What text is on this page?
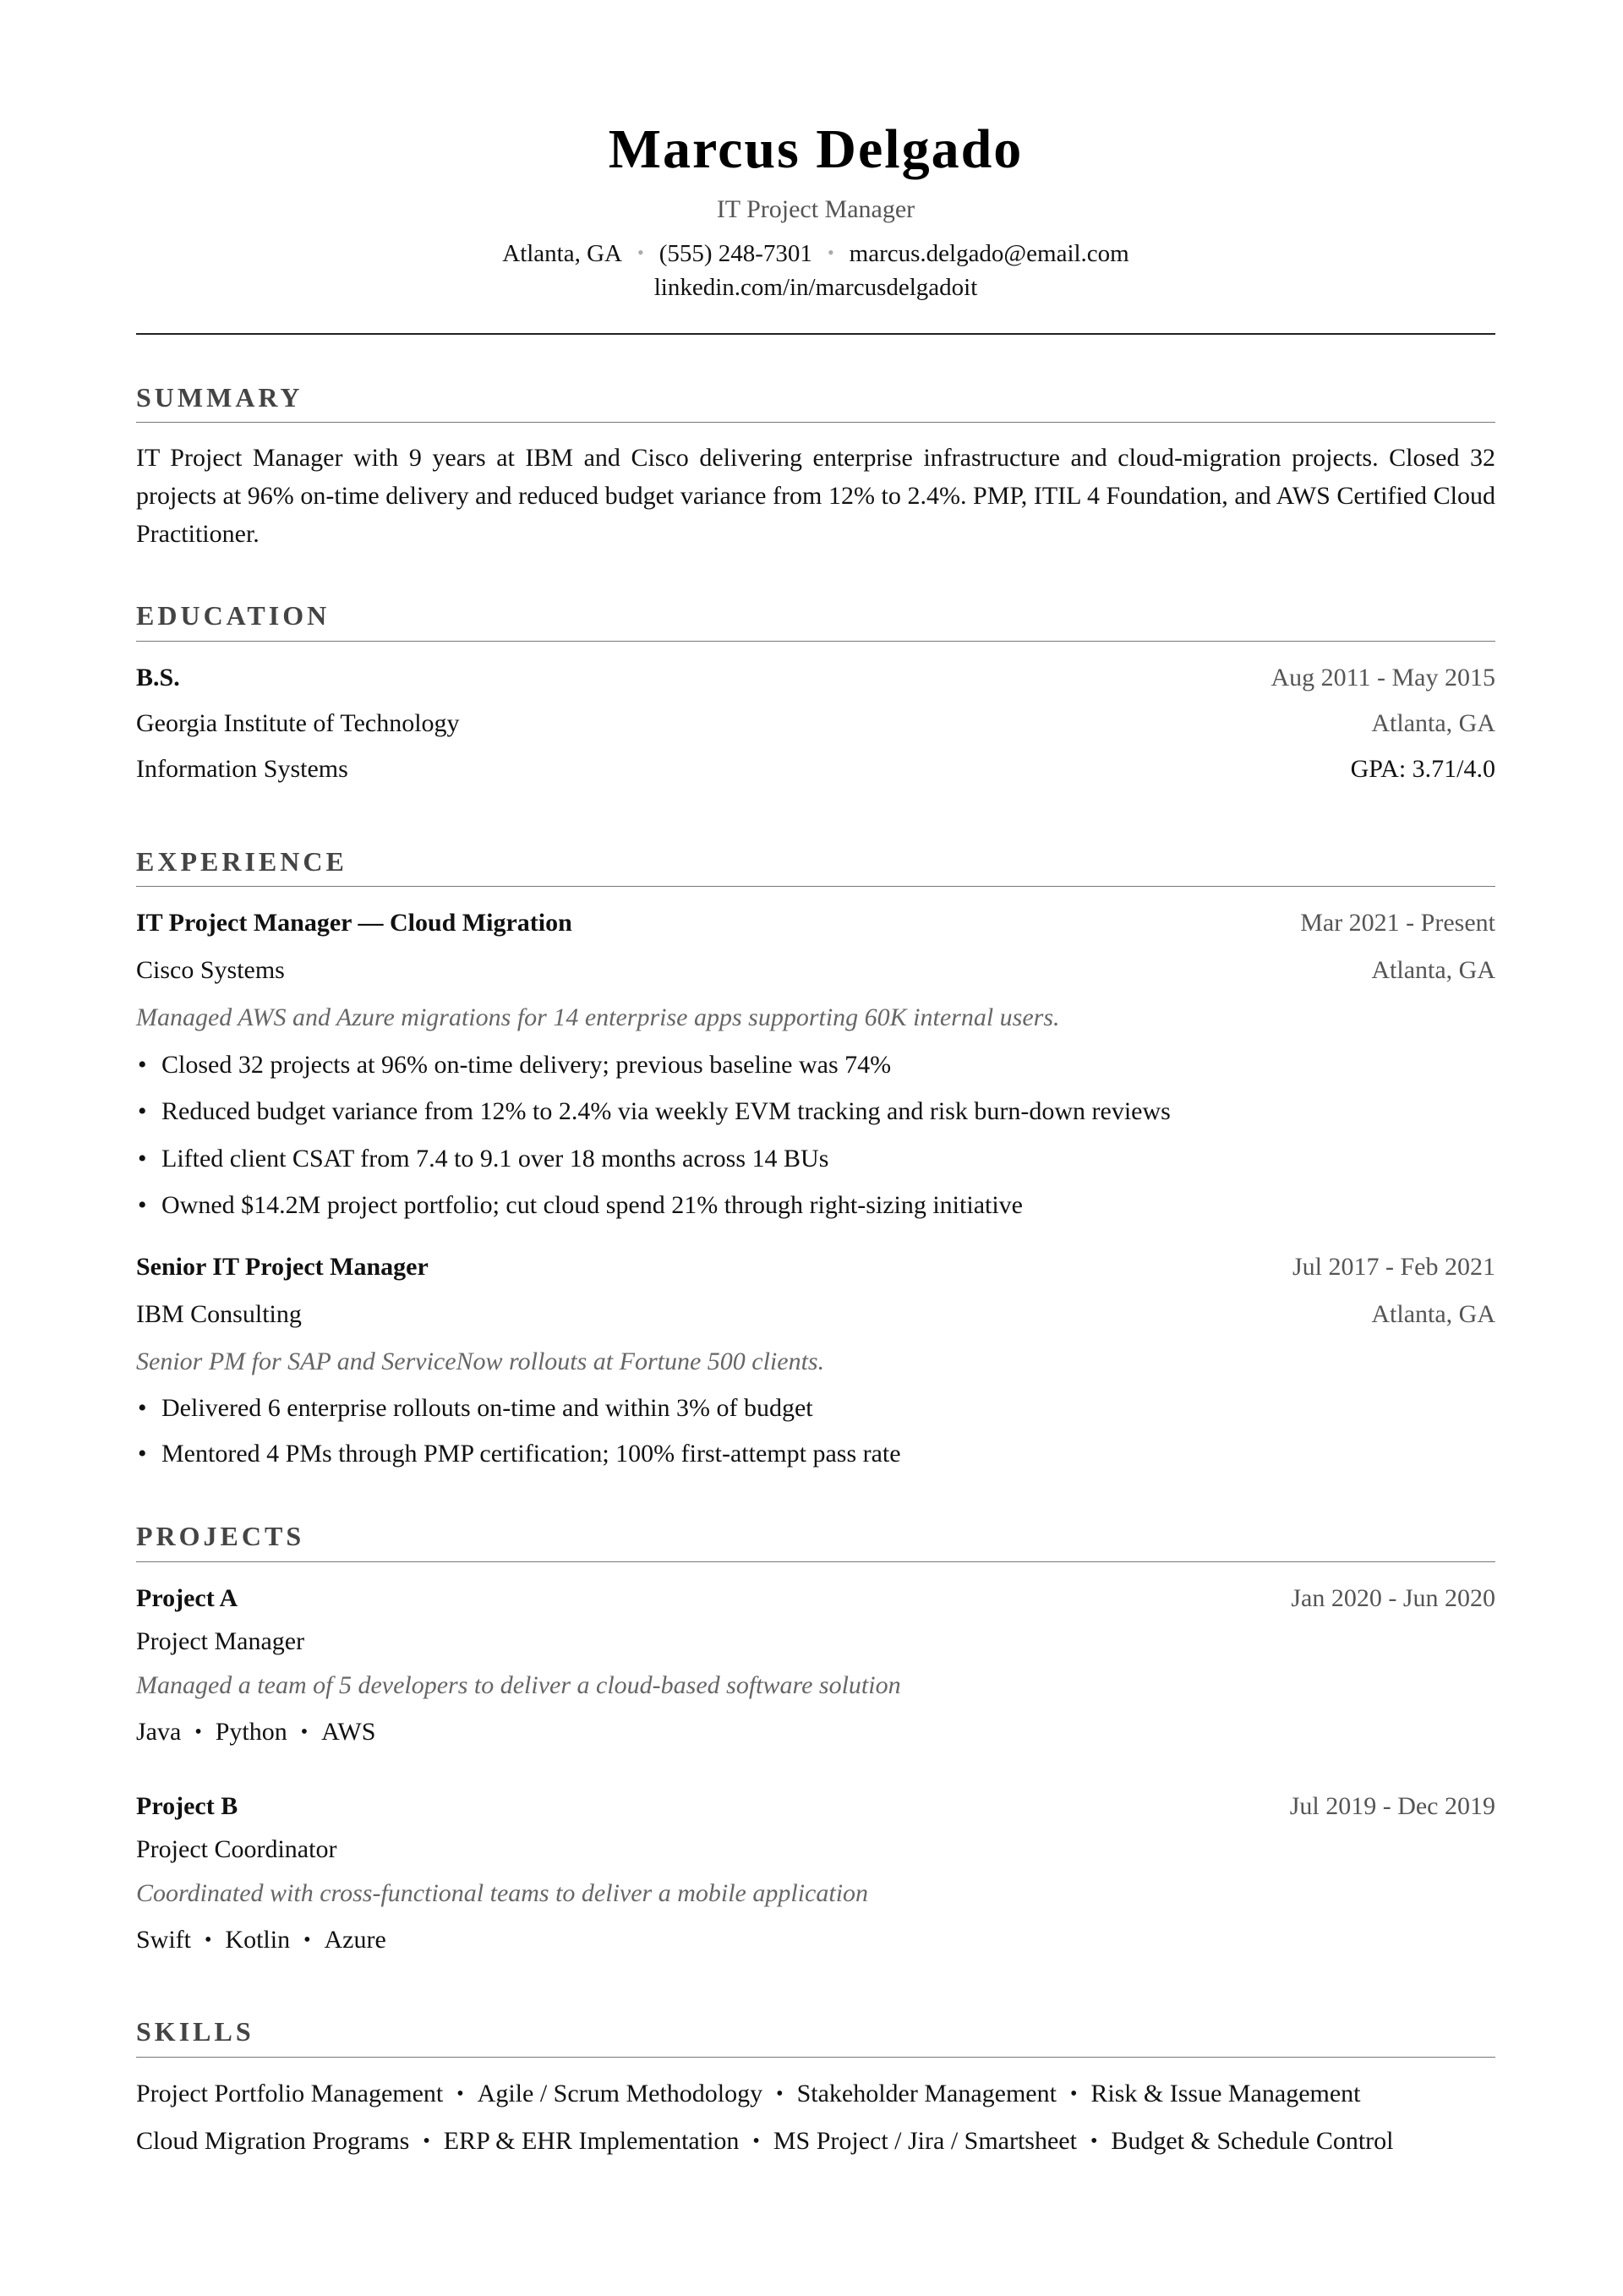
Marcus Delgado
IT Project Manager
Atlanta, GA • (555) 248-7301 • marcus.delgado@email.com
linkedin.com/in/marcusdelgadoit
SUMMARY
IT Project Manager with 9 years at IBM and Cisco delivering enterprise infrastructure and cloud-migration projects. Closed 32 projects at 96% on-time delivery and reduced budget variance from 12% to 2.4%. PMP, ITIL 4 Foundation, and AWS Certified Cloud Practitioner.
EDUCATION
B.S.	Aug 2011 - May 2015
Georgia Institute of Technology	Atlanta, GA
Information Systems	GPA: 3.71/4.0
EXPERIENCE
IT Project Manager — Cloud Migration	Mar 2021 - Present
Cisco Systems	Atlanta, GA
Managed AWS and Azure migrations for 14 enterprise apps supporting 60K internal users.
• Closed 32 projects at 96% on-time delivery; previous baseline was 74%
• Reduced budget variance from 12% to 2.4% via weekly EVM tracking and risk burn-down reviews
• Lifted client CSAT from 7.4 to 9.1 over 18 months across 14 BUs
• Owned $14.2M project portfolio; cut cloud spend 21% through right-sizing initiative
Senior IT Project Manager	Jul 2017 - Feb 2021
IBM Consulting	Atlanta, GA
Senior PM for SAP and ServiceNow rollouts at Fortune 500 clients.
• Delivered 6 enterprise rollouts on-time and within 3% of budget
• Mentored 4 PMs through PMP certification; 100% first-attempt pass rate
PROJECTS
Project A	Jan 2020 - Jun 2020
Project Manager
Managed a team of 5 developers to deliver a cloud-based software solution
Java • Python • AWS
Project B	Jul 2019 - Dec 2019
Project Coordinator
Coordinated with cross-functional teams to deliver a mobile application
Swift • Kotlin • Azure
SKILLS
Project Portfolio Management • Agile / Scrum Methodology • Stakeholder Management • Risk & Issue Management
Cloud Migration Programs • ERP & EHR Implementation • MS Project / Jira / Smartsheet • Budget & Schedule Control
